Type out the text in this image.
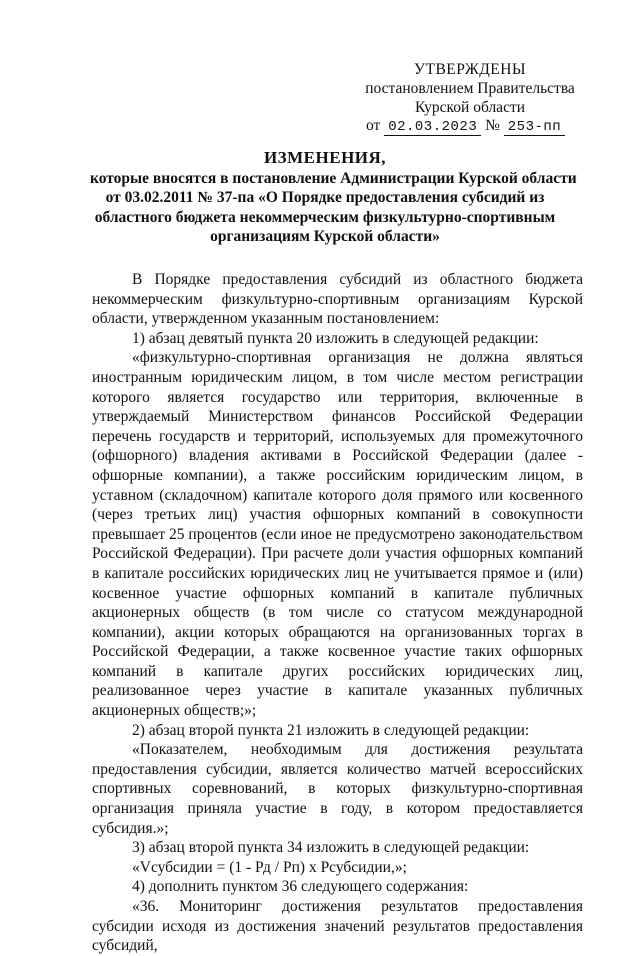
УТВЕРЖДЕНЫ
постановлением Правительства
Курской области
от 02.03.2023 № 253-пп
ИЗМЕНЕНИЯ,
которые вносятся в постановление Администрации Курской области
от 03.02.2011 № 37-па «О Порядке предоставления субсидий из
областного бюджета некоммерческим физкультурно-спортивным
организациям Курской области»

В Порядке предоставления субсидий из областного бюджета некоммерческим физкультурно-спортивным организациям Курской области, утвержденном указанным постановлением:

1) абзац девятый пункта 20 изложить в следующей редакции:

«физкультурно-спортивная организация не должна являться иностранным юридическим лицом, в том числе местом регистрации которого является государство или территория, включенные в утверждаемый Министерством финансов Российской Федерации перечень государств и территорий, используемых для промежуточного (офшорного) владения активами в Российской Федерации (далее - офшорные компании), а также российским юридическим лицом, в уставном (складочном) капитале которого доля прямого или косвенного (через третьих лиц) участия офшорных компаний в совокупности превышает 25 процентов (если иное не предусмотрено законодательством Российской Федерации). При расчете доли участия офшорных компаний в капитале российских юридических лиц не учитывается прямое и (или) косвенное участие офшорных компаний в капитале публичных акционерных обществ (в том числе со статусом международной компании), акции которых обращаются на организованных торгах в Российской Федерации, а также косвенное участие таких офшорных компаний в капитале других российских юридических лиц, реализованное через участие в капитале указанных публичных акционерных обществ;»;

2) абзац второй пункта 21 изложить в следующей редакции:

«Показателем, необходимым для достижения результата предоставления субсидии, является количество матчей всероссийских спортивных соревнований, в которых физкультурно-спортивная организация приняла участие в году, в котором предоставляется субсидия.»;

3) абзац второй пункта 34 изложить в следующей редакции:

«Vсубсидии = (1 - Рд / Рп) х Рсубсидии,»;

4) дополнить пунктом 36 следующего содержания:

«36. Мониторинг достижения результатов предоставления субсидии исходя из достижения значений результатов предоставления субсидий,
